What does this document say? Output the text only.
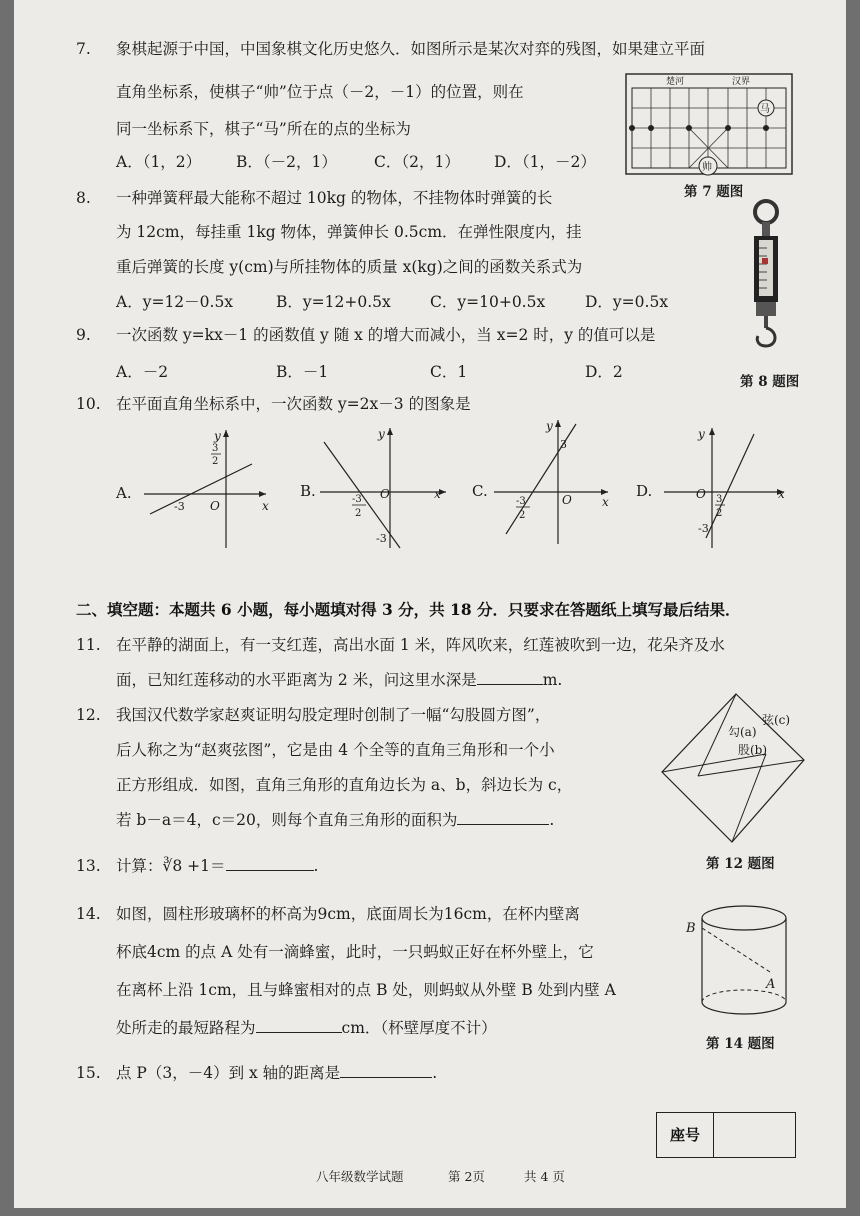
7. 象棋起源于中国，中国象棋文化历史悠久．如图所示是某次对弈的残图，如果建立平面
直角坐标系，使棋子“帅”位于点（－2，－1）的位置，则在
同一坐标系下，棋子“马”所在的点的坐标为
A．（1，2） B．（－2，1） C．（2，1） D．（1，－2）
楚河	汉界
马
帅
第 7 题图
8. 一种弹簧秤最大能称不超过 10kg 的物体，不挂物体时弹簧的长
为 12cm，每挂重 1kg 物体，弹簧伸长 0.5cm．在弹性限度内，挂
重后弹簧的长度 y(cm)与所挂物体的质量 x(kg)之间的函数关系式为
A．y=12－0.5x	B．y=12+0.5x	C．y=10+0.5x	D．y=0.5x
第 8 题图
9. 一次函数 y=kx－1 的函数值 y 随 x 的增大而减小，当 x=2 时，y 的值可以是
A．－2	B．－1	C．1	D．2
10. 在平面直角坐标系中，一次函数 y=2x－3 的图象是
A.
3
2
-3 O	x
y
B.	-3
2
-3
O	x
y
C.
3
-3
2
O	x
y
D.	3
2
-3
O	x
y
二、填空题：本题共 6 小题，每小题填对得 3 分，共 18 分．只要求在答题纸上填写最后结果．
11. 在平静的湖面上，有一支红莲，高出水面 1 米，阵风吹来，红莲被吹到一边，花朵齐及水
面，已知红莲移动的水平距离为 2 米，问这里水深是	m.
12. 我国汉代数学家赵爽证明勾股定理时创制了一幅“勾股圆方图”，
后人称之为“赵爽弦图”，它是由 4 个全等的直角三角形和一个小
正方形组成．如图，直角三角形的直角边长为 a、b，斜边长为 c，
若 b－a＝4，c＝20，则每个直角三角形的面积为	.
弦(c)
勾(a)
股(b)
第 12 题图
13. 计算：∛8 +1＝	.
14. 如图，圆柱形玻璃杯的杯高为9cm，底面周长为16cm，在杯内壁离
杯底4cm 的点 A 处有一滴蜂蜜，此时，一只蚂蚁正好在杯外壁上，它
在离杯上沿 1cm，且与蜂蜜相对的点 B 处，则蚂蚁从外壁 B 处到内壁 A
处所走的最短路程为	cm．（杯壁厚度不计）
B
A
第 14 题图
15. 点 P（3，－4）到 x 轴的距离是	.
座号
八年级数学试题	第 2页	共 4 页
